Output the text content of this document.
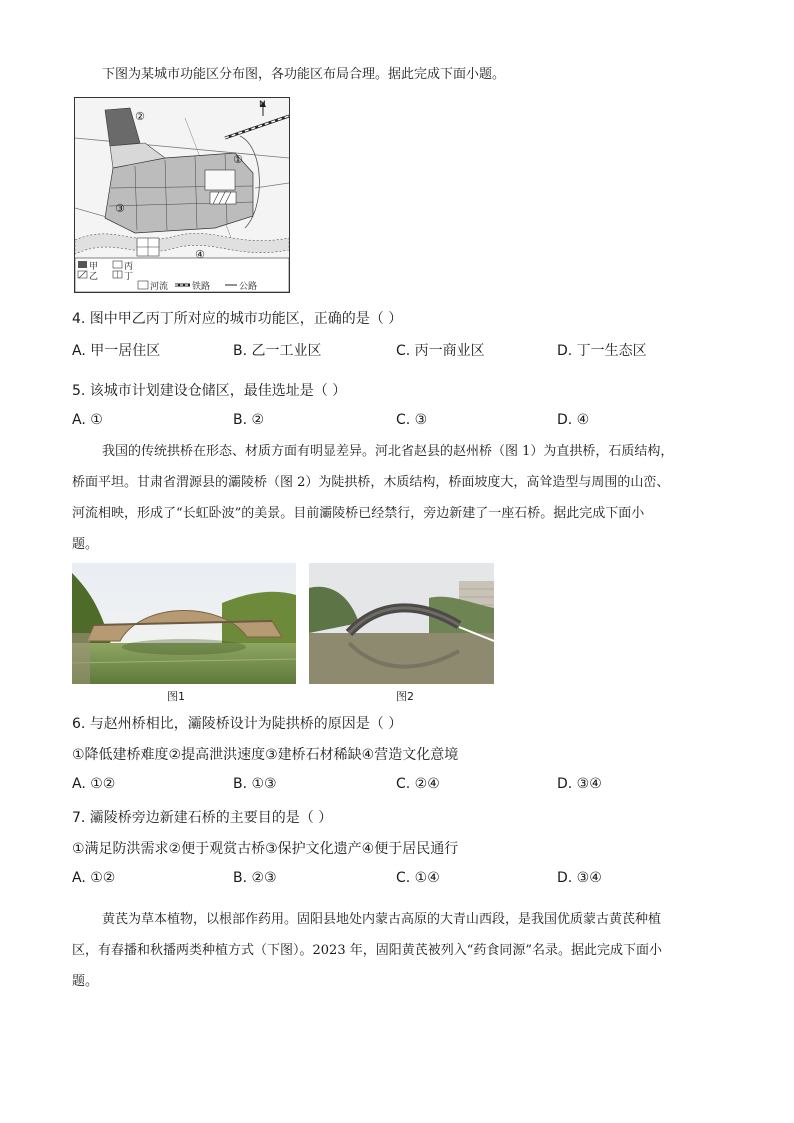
下图为某城市功能区分布图，各功能区布局合理。据此完成下面小题。
N
①
②
③
④
甲	丙
乙	丁
河流	铁路	公路
4. 图中甲乙丙丁所对应的城市功能区，正确的是（ ）
A. 甲一居住区	B. 乙一工业区	C. 丙一商业区	D. 丁一生态区
5. 该城市计划建设仓储区，最佳选址是（ ）
A. ①	B. ②	C. ③	D. ④
我国的传统拱桥在形态、材质方面有明显差异。河北省赵县的赵州桥（图 1）为直拱桥，石质结构，
桥面平坦。甘肃省渭源县的灞陵桥（图 2）为陡拱桥，木质结构，桥面坡度大，高耸造型与周围的山峦、
河流相映，形成了“长虹卧波”的美景。目前灞陵桥已经禁行，旁边新建了一座石桥。据此完成下面小
题。
图1	图2
6. 与赵州桥相比，灞陵桥设计为陡拱桥的原因是（ ）
①降低建桥难度②提高泄洪速度③建桥石材稀缺④营造文化意境
A. ①②	B. ①③	C. ②④	D. ③④
7. 灞陵桥旁边新建石桥的主要目的是（ ）
①满足防洪需求②便于观赏古桥③保护文化遗产④便于居民通行
A. ①②	B. ②③	C. ①④	D. ③④
黄芪为草本植物，以根部作药用。固阳县地处内蒙古高原的大青山西段，是我国优质蒙古黄芪种植
区，有春播和秋播两类种植方式（下图）。2023 年，固阳黄芪被列入“药食同源”名录。据此完成下面小
题。
